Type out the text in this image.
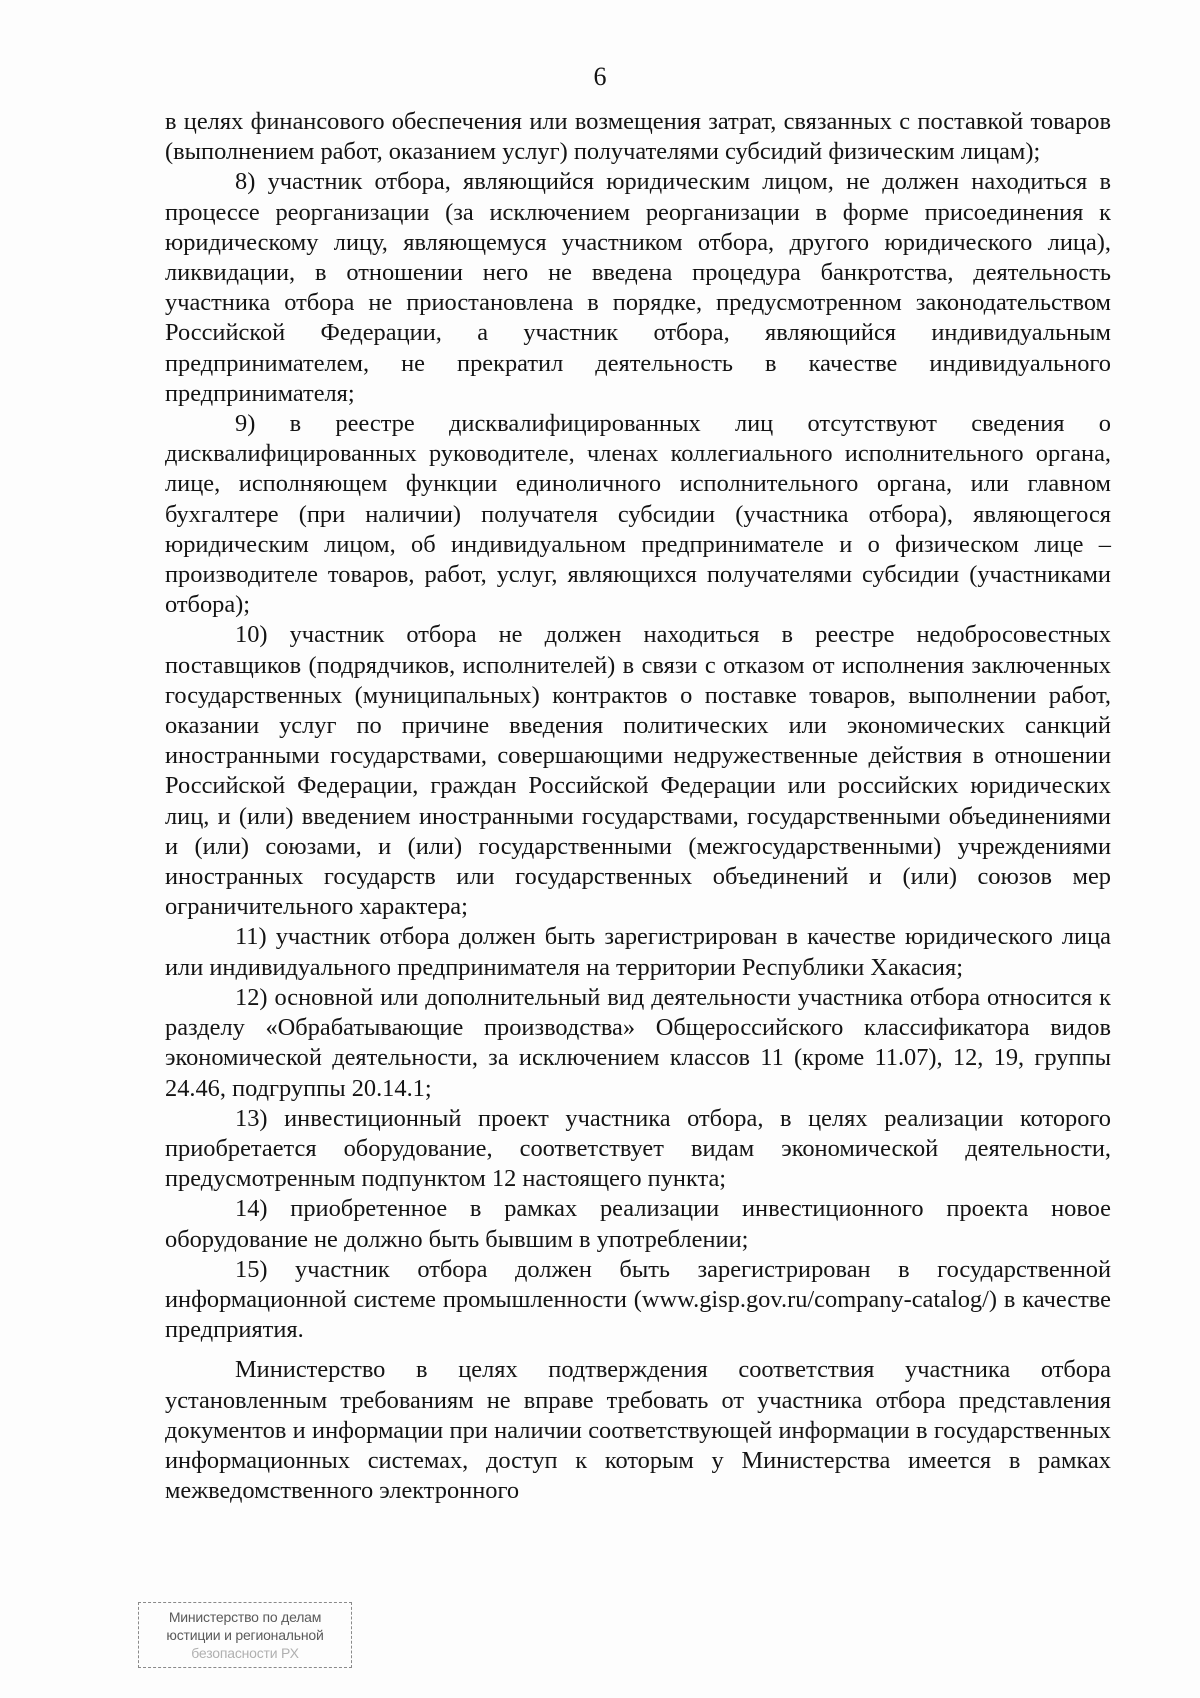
6

в целях финансового обеспечения или возмещения затрат, связанных с поставкой товаров (выполнением работ, оказанием услуг) получателями субсидий физическим лицам);

8) участник отбора, являющийся юридическим лицом, не должен находиться в процессе реорганизации (за исключением реорганизации в форме присоединения к юридическому лицу, являющемуся участником отбора, другого юридического лица), ликвидации, в отношении него не введена процедура банкротства, деятельность участника отбора не приостановлена в порядке, предусмотренном законодательством Российской Федерации, а участник отбора, являющийся индивидуальным предпринимателем, не прекратил деятельность в качестве индивидуального предпринимателя;

9) в реестре дисквалифицированных лиц отсутствуют сведения о дисквалифицированных руководителе, членах коллегиального исполнительного органа, лице, исполняющем функции единоличного исполнительного органа, или главном бухгалтере (при наличии) получателя субсидии (участника отбора), являющегося юридическим лицом, об индивидуальном предпринимателе и о физическом лице – производителе товаров, работ, услуг, являющихся получателями субсидии (участниками отбора);

10) участник отбора не должен находиться в реестре недобросовестных поставщиков (подрядчиков, исполнителей) в связи с отказом от исполнения заключенных государственных (муниципальных) контрактов о поставке товаров, выполнении работ, оказании услуг по причине введения политических или экономических санкций иностранными государствами, совершающими недружественные действия в отношении Российской Федерации, граждан Российской Федерации или российских юридических лиц, и (или) введением иностранными государствами, государственными объединениями и (или) союзами, и (или) государственными (межгосударственными) учреждениями иностранных государств или государственных объединений и (или) союзов мер ограничительного характера;

11) участник отбора должен быть зарегистрирован в качестве юридического лица или индивидуального предпринимателя на территории Республики Хакасия;

12) основной или дополнительный вид деятельности участника отбора относится к разделу «Обрабатывающие производства» Общероссийского классификатора видов экономической деятельности, за исключением классов 11 (кроме 11.07), 12, 19, группы 24.46, подгруппы 20.14.1;

13) инвестиционный проект участника отбора, в целях реализации которого приобретается оборудование, соответствует видам экономической деятельности, предусмотренным подпунктом 12 настоящего пункта;

14) приобретенное в рамках реализации инвестиционного проекта новое оборудование не должно быть бывшим в употреблении;

15) участник отбора должен быть зарегистрирован в государственной информационной системе промышленности (www.gisp.gov.ru/company-catalog/) в качестве предприятия.

Министерство в целях подтверждения соответствия участника отбора установленным требованиям не вправе требовать от участника отбора представления документов и информации при наличии соответствующей информации в государственных информационных системах, доступ к которым у Министерства имеется в рамках межведомственного электронного

Министерство по делам
юстиции и региональной
безопасности РХ
